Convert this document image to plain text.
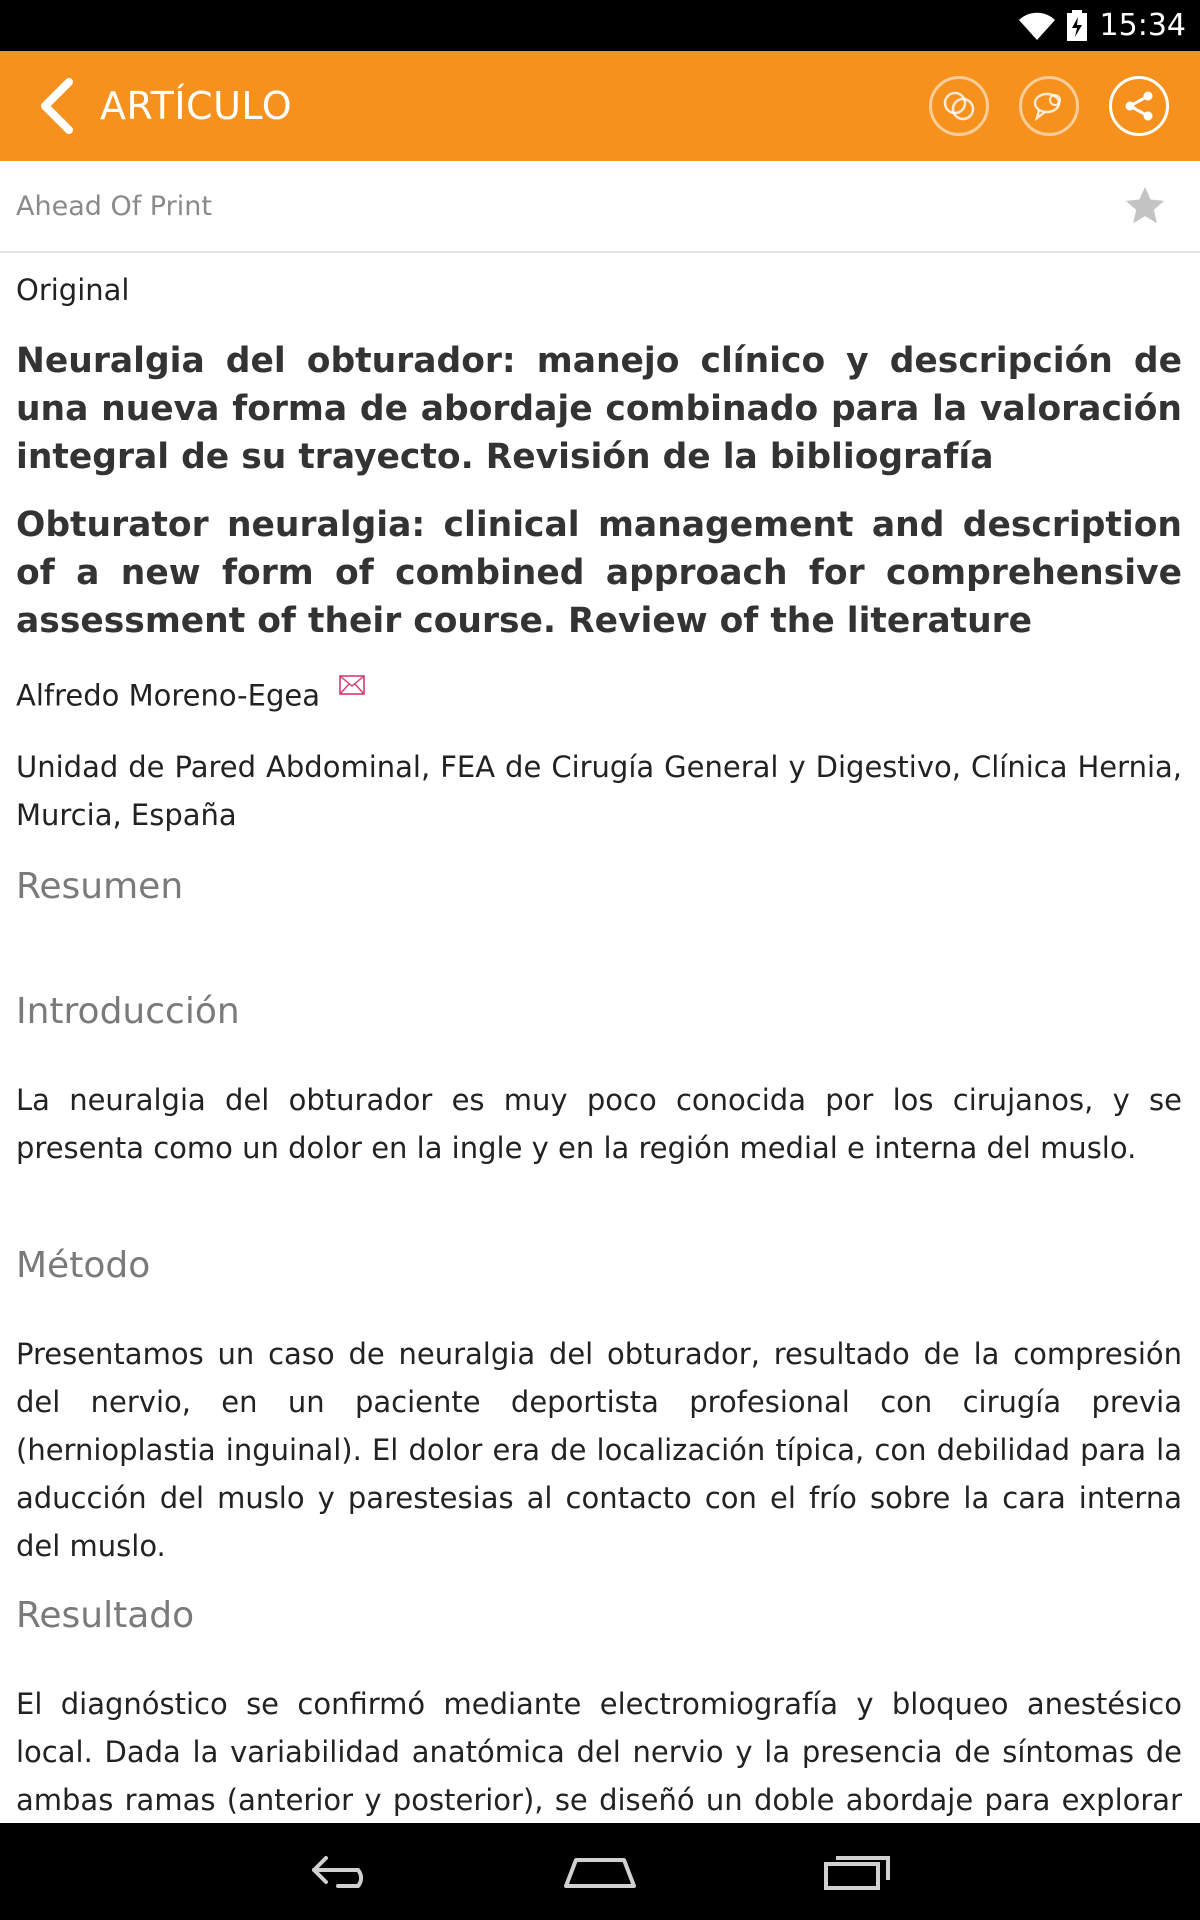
15:34
ARTÍCULO
Ahead Of Print
Original

Neuralgia del obturador: manejo clínico y descripción de una nueva forma de abordaje combinado para la valoración integral de su trayecto. Revisión de la bibliografía

Obturator neuralgia: clinical management and description of a new form of combined approach for comprehensive assessment of their course. Review of the literature

Alfredo Moreno-Egea

Unidad de Pared Abdominal, FEA de Cirugía General y Digestivo, Clínica Hernia, Murcia, España

Resumen
Introducción

La neuralgia del obturador es muy poco conocida por los cirujanos, y se presenta como un dolor en la ingle y en la región medial e interna del muslo.

Método

Presentamos un caso de neuralgia del obturador, resultado de la compresión del nervio, en un paciente deportista profesional con cirugía previa (hernioplastia inguinal). El dolor era de localización típica, con debilidad para la aducción del muslo y parestesias al contacto con el frío sobre la cara interna del muslo.

Resultado

El diagnóstico se confirmó mediante electromiografía y bloqueo anestésico local. Dada la variabilidad anatómica del nervio y la presencia de síntomas de ambas ramas (anterior y posterior), se diseñó un doble abordaje para explorar
